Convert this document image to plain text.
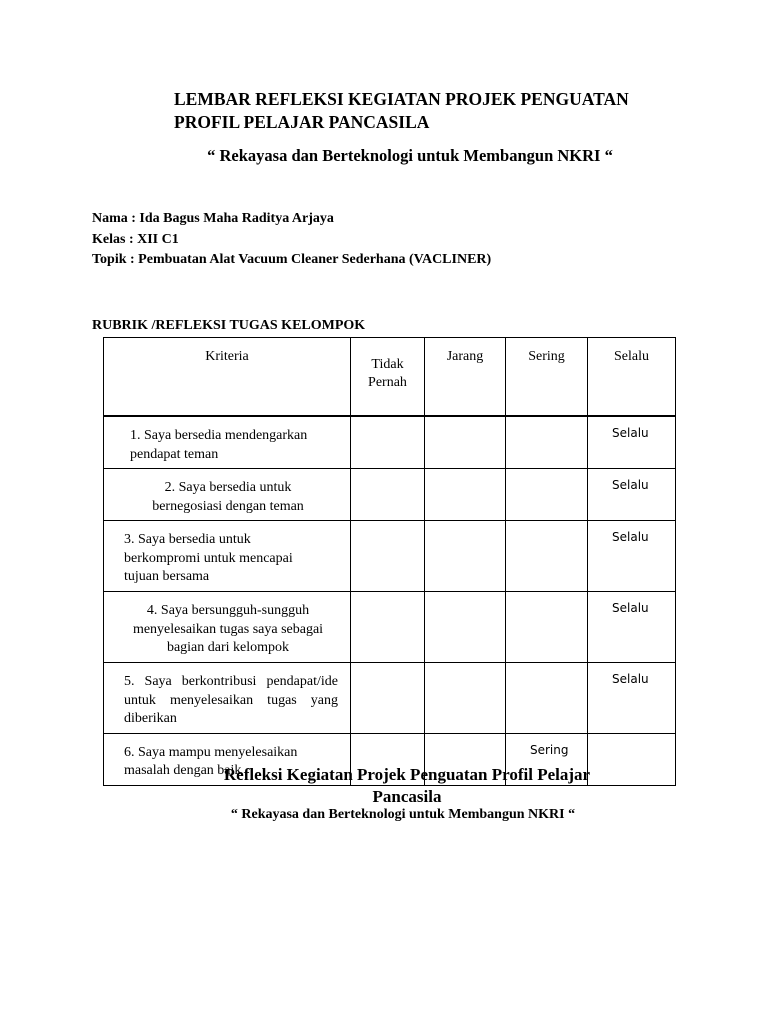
LEMBAR REFLEKSI KEGIATAN PROJEK PENGUATAN PROFIL PELAJAR PANCASILA
“ Rekayasa dan Berteknologi untuk Membangun NKRI “
Nama : Ida Bagus Maha Raditya Arjaya
Kelas : XII C1
Topik : Pembuatan Alat Vacuum Cleaner Sederhana (VACLINER)
RUBRIK /REFLEKSI TUGAS KELOMPOK
Kriteria	Tidak Pernah	Jarang	Sering	Selalu

1. Saya bersedia mendengarkan pendapat teman				Selalu
2. Saya bersedia untuk bernegosiasi dengan teman				Selalu

3. Saya bersedia untuk berkompromi untuk mencapai tujuan bersama				Selalu
4. Saya bersungguh-sungguh menyelesaikan tugas saya sebagai bagian dari kelompok				Selalu

5. Saya berkontribusi pendapat/ide untuk menyelesaikan tugas yang diberikan				Selalu

6. Saya mampu menyelesaikan masalah dengan baik			Sering	
Refleksi Kegiatan Projek Penguatan Profil Pelajar Pancasila

“ Rekayasa dan Berteknologi untuk Membangun NKRI “
